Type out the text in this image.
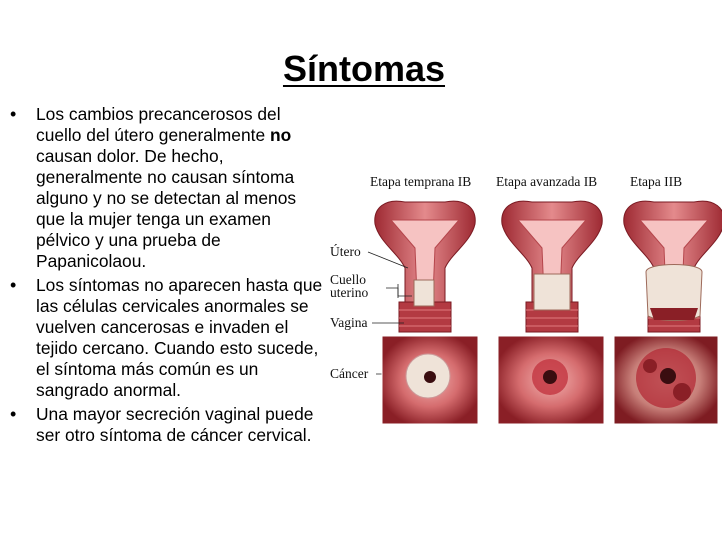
Síntomas
• Los cambios precancerosos del cuello del útero generalmente no causan dolor. De hecho, generalmente no causan síntoma alguno y no se detectan al menos que la mujer tenga un examen pélvico y una prueba de Papanicolaou.
• Los síntomas no aparecen hasta que las células cervicales anormales se vuelven cancerosas e invaden el tejido cercano. Cuando esto sucede, el síntoma más común es un sangrado anormal.
• Una mayor secreción vaginal puede ser otro síntoma de cáncer cervical.
Etapa temprana IB Etapa avanzada IB Etapa IIB
Útero
Cuello
uterino
Vagina
Cáncer
